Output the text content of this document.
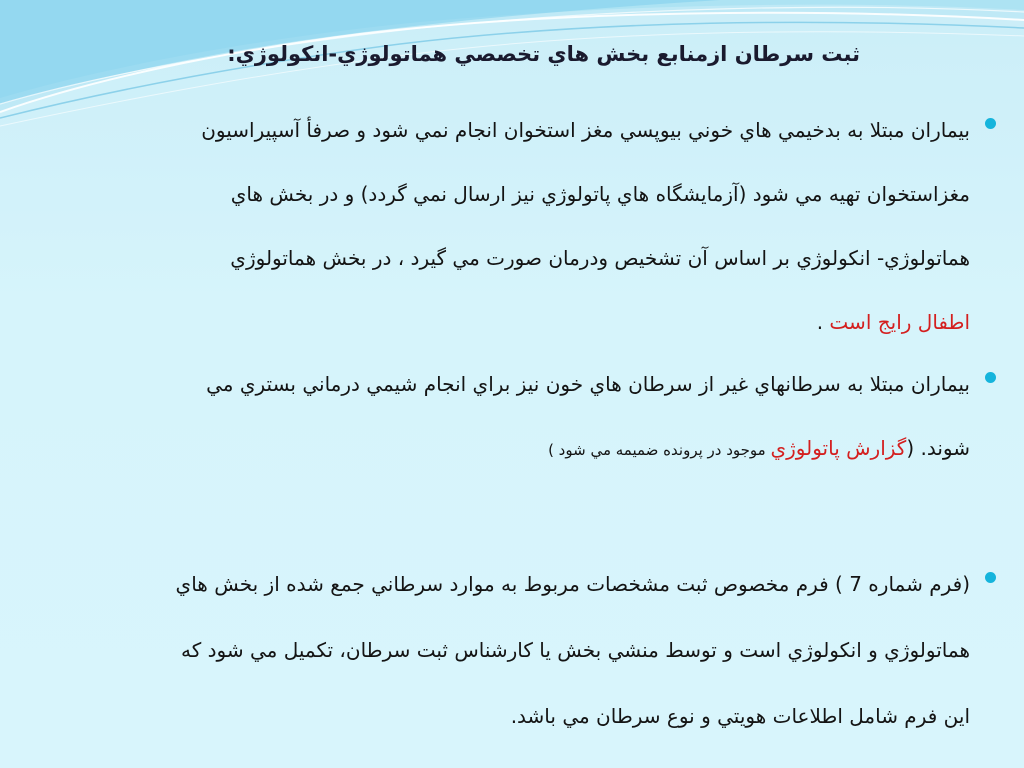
ثبت سرطان ازمنابع بخش هاي تخصصي هماتولوژي-انکولوژي:
بيماران مبتلا به بدخيمي هاي خوني بيوپسي مغز استخوان انجام نمي شود و صرفأ آسپيراسيون
مغزاستخوان تهيه مي شود (آزمايشگاه هاي پاتولوژي نيز ارسال نمي گردد) و در بخش هاي
هماتولوژي- انکولوژي بر اساس آن تشخيص ودرمان صورت مي گيرد ، در بخش هماتولوژي
اطفال رايج است .
بيماران مبتلا به سرطانهاي غير از سرطان هاي خون نيز براي انجام شيمي درماني بستري مي
شوند. (گزارش پاتولوژي موجود در پرونده ضميمه مي شود )
(فرم شماره 7 ) فرم مخصوص ثبت مشخصات مربوط به موارد سرطاني جمع شده از بخش هاي
هماتولوژي و انکولوژي است و توسط منشي بخش يا کارشناس ثبت سرطان، تکميل مي شود که
اين فرم شامل اطلاعات هويتي و نوع سرطان مي باشد.
